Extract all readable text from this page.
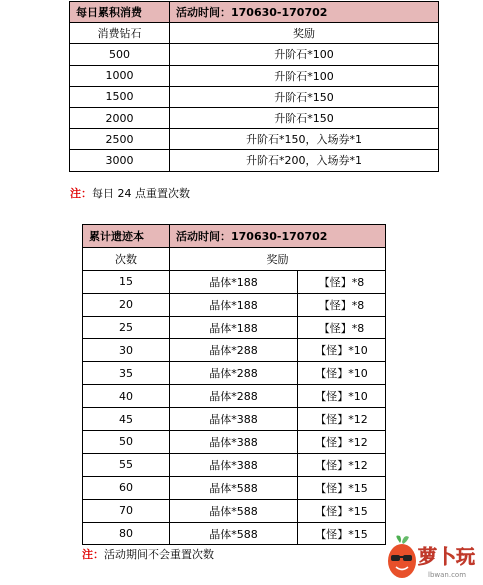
每日累积消费	活动时间：170630-170702
消费钻石	奖励
500	升阶石*100
1000	升阶石*100
1500	升阶石*150
2000	升阶石*150
2500	升阶石*150，入场券*1
3000	升阶石*200，入场券*1
注：每日 24 点重置次数
累计遗迹本	活动时间：170630-170702	
次数	奖励	
15	晶体*188	【怪】*8
20	晶体*188	【怪】*8
25	晶体*188	【怪】*8
30	晶体*288	【怪】*10
35	晶体*288	【怪】*10
40	晶体*288	【怪】*10
45	晶体*388	【怪】*12
50	晶体*388	【怪】*12
55	晶体*388	【怪】*12
60	晶体*588	【怪】*15
70	晶体*588	【怪】*15
80	晶体*588	【怪】*15
注：活动期间不会重置次数	萝卜玩
lbwan.com
